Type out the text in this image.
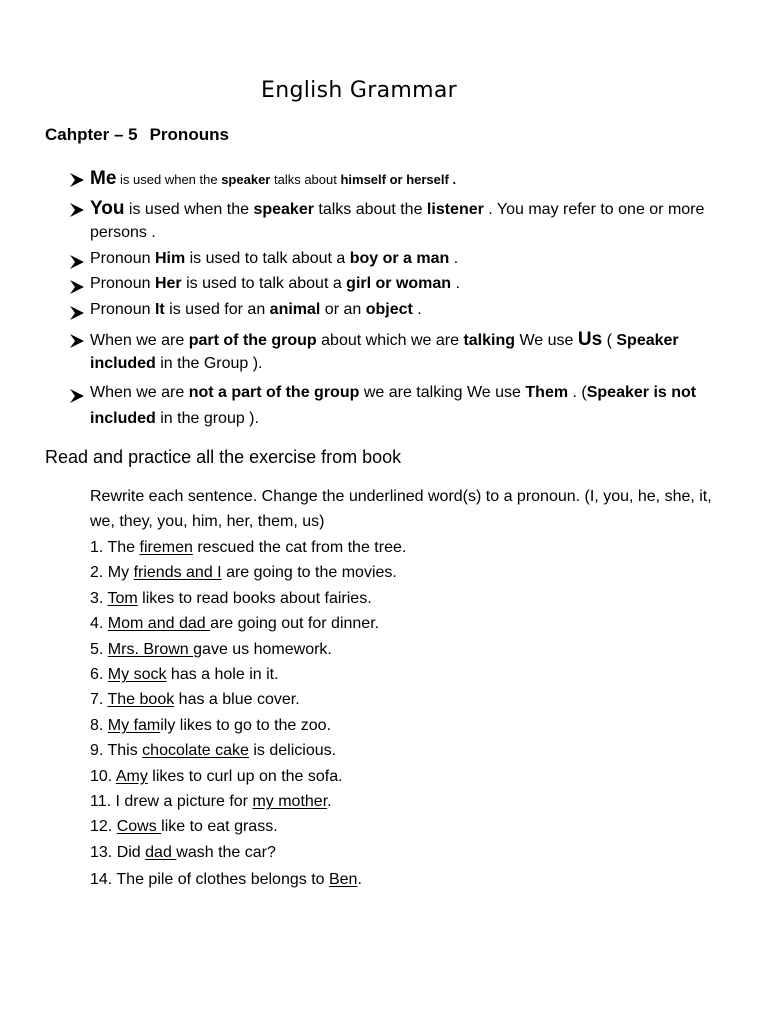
English Grammar
Cahpter – 5 Pronouns
Me is used when the speaker talks about himself or herself .
You is used when the speaker talks about the listener . You may refer to one or more
persons .
Pronoun Him is used to talk about a boy or a man .
Pronoun Her is used to talk about a girl or woman .
Pronoun It is used for an animal or an object .
When we are part of the group about which we are talking We use Us ( Speaker
included in the Group ).
When we are not a part of the group we are talking We use Them . (Speaker is not
included in the group ).
Read and practice all the exercise from book
Rewrite each sentence. Change the underlined word(s) to a pronoun. (I, you, he, she, it,
we, they, you, him, her, them, us)
1. The firemen rescued the cat from the tree.
2. My friends and I are going to the movies.
3. Tom likes to read books about fairies.
4. Mom and dad are going out for dinner.
5. Mrs. Brown gave us homework.
6. My sock has a hole in it.
7. The book has a blue cover.
8. My family likes to go to the zoo.
9. This chocolate cake is delicious.
10. Amy likes to curl up on the sofa.
11. I drew a picture for my mother.
12. Cows like to eat grass.
13. Did dad wash the car?
14. The pile of clothes belongs to Ben.
